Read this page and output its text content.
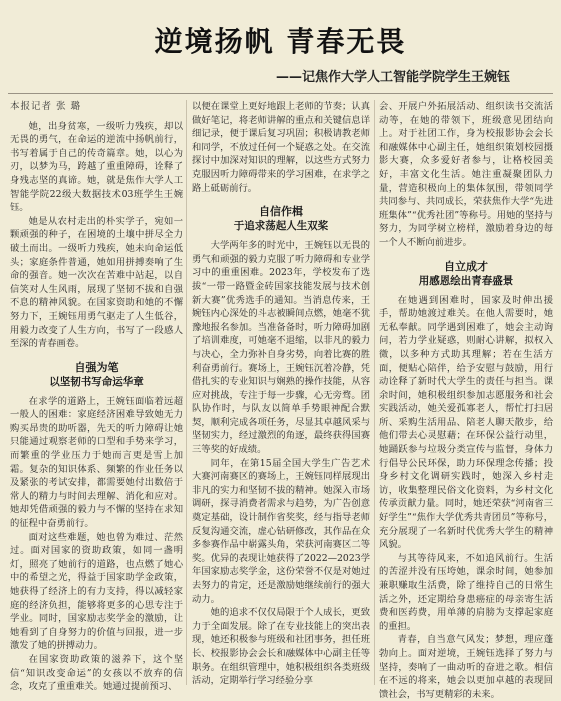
逆境扬帆 青春无畏
——记焦作大学人工智能学院学生王婉钰

本报记者 张 璐

她，出身贫寒，一级听力残疾，却以无畏的勇气，在命运的逆流中扬帆前行，书写着属于自己的传奇篇章。她，以心为刃，以梦为马，跨越了重重障碍，诠释了身残志坚的真谛。她，就是焦作大学人工智能学院22级大数据技术03班学生王婉钰。

她是从农村走出的朴实学子，宛如一颗顽强的种子，在困境的土壤中拼尽全力破土而出。一级听力残疾，她未向命运低头；家庭条件普通，她如用拼搏奏响了生命的强音。她一次次在苦难中站起，以自信笑对人生风雨，展现了坚韧不拔和自强不息的精神风貌。在国家资助和她的不懈努力下，王婉钰用勇气驱走了人生低谷，用毅力改变了人生方向，书写了一段感人至深的青春画卷。

自强为笔
以坚韧书写命运华章

在求学的道路上，王婉钰面临着远超一般人的困难：家庭经济困难导致她无力购买昂贵的助听器，先天的听力障碍让她只能通过观察老师的口型和手势来学习，而繁重的学业压力于她而言更是雪上加霜。复杂的知识体系、频繁的作业任务以及紧张的考试安排，都需要她付出数倍于常人的精力与时间去理解、消化和应对。她却凭借顽强的毅力与不懈的坚持在求知的征程中奋勇前行。

面对这些难题，她也曾为难过、茫然过。面对国家的资助政策，如同一盏明灯，照亮了她前行的道路，也点燃了她心中的希望之光，得益于国家助学金政策，她获得了经济上的有力支持，得以减轻家庭的经济负担，能够将更多的心思专注于学业。同时，国家励志奖学金的激励，让她看到了自身努力的价值与回报，进一步激发了她的拼搏动力。

在国家资助政策的滋养下，这个坚信“知识改变命运”的女孩以不放弃的信念，攻克了重重难关。她通过提前预习、

以便在课堂上更好地跟上老师的节奏；认真做好笔记，将老师讲解的重点和关键信息详细记录，便于课后复习巩固；积极请教老师和同学，不放过任何一个疑惑之处。在交流探讨中加深对知识的理解，以这些方式努力克服因听力障碍带来的学习困难，在求学之路上砥砺前行。

自信作楫
于追求荡起人生双桨

大学两年多的时光中，王婉钰以无畏的勇气和顽强的毅力克服了听力障碍和专业学习中的重重困难。2023年，学校发布了选拔“一带一路暨金砖国家技能发展与技术创新大赛”优秀选手的通知。当消息传来，王婉钰内心深处的斗志被瞬间点燃，她毫不犹豫地报名参加。当准备备时，听力障碍加剧了培训难度，可她毫不退缩，以非凡的毅力与决心，全力弥补自身劣势，向着比赛的胜利奋勇前行。赛场上，王婉钰沉着冷静，凭借扎实的专业知识与娴熟的操作技能，从容应对挑战，专注于每一步骤，心无旁骛。团队协作时，与队友以简单手势眼神配合默契，顺利完成各项任务，尽显其卓越风采与坚韧实力，经过激烈的角逐，最终获得国赛三等奖的好成绩。

同年，在第15届全国大学生广告艺术大赛河南赛区的赛场上，王婉钰同样展现出非凡的实力和坚韧不拔的精神。她深入市场调研，探寻消费者需求与趋势，为广告创意奠定基础，设计制作省奖奖，经与指导老师反复沟通交流，虚心钻研修改，其作品在众多参赛作品中崭露头角，荣获河南赛区二等奖。优异的表现让她获得了2022—2023学年国家励志奖学金，这份荣誉不仅是对她过去努力的肯定，还是激励她继续前行的强大动力。

她的追求不仅仅局限于个人成长，更致力于全面发展。除了在专业技能上的突出表现，她还积极参与班级和社团事务，担任班长、校报影协会会长和融媒体中心副主任等职务。在组织管理中，她积极组织各类班级活动，定期举行学习经验分享

会、开展户外拓展活动、组织读书交流活动等，在她的带领下，班级意见团结向上。对于社团工作，身为校报影协会会长和融媒体中心副主任，她组织策划校园摄影大赛，众多爱好者参与，让格校园美好，丰富文化生活。她注重凝聚团队力量，营造积极向上的集体氛围，带领同学共同参与、共同成长，荣获焦作大学“先进班集体”“优秀社团”等称号。用她的坚持与努力，为同学树立榜样，激励着身边的每一个人不断向前进步。

自立成才
用感恩绘出青春盛景

在她遇到困难时，国家及时伸出援手，帮助她渡过难关。在他人需要时，她无私奉献。同学遇到困难了，她会主动询问，若力学业疑惑，则耐心讲解，拟权入微，以多种方式助其理解；若在生活方面，便贴心陪伴，给予安慰与鼓励，用行动诠释了新时代大学生的责任与担当。课余时间，她积极组织参加志愿服务和社会实践活动，她关爱孤寡老人，帮忙打扫居所、采购生活用品、陪老人聊天散步，给他们带去心灵慰藉；在环保公益行动里，她踊跃参与垃圾分类宣传与监督，身体力行倡导公民环保，助力环保理念传播；投身乡村文化调研实践时，她深入乡村走访，收集整理民俗文化资料，为乡村文化传承贡献力量。同时，她还荣获“河南省三好学生”“焦作大学优秀共青团员”等称号，充分展现了一名新时代优秀大学生的精神风貌。

与其等待风来，不如追风前行。生活的苦涩并没有压垮她，课余时间，她参加兼职赚取生活费，除了维持自己的日常生活之外，还定期给身患癌症的母亲寄生活费和医药费，用单薄的肩膀为支撑起家庭的重担。

青春，自当意气风发；梦想，理应蓬勃向上。面对逆境，王婉钰选择了努力与坚持，奏响了一曲动听的奋进之歌。相信在不远的将来，她会以更加卓越的表现回馈社会，书写更精彩的未来。
